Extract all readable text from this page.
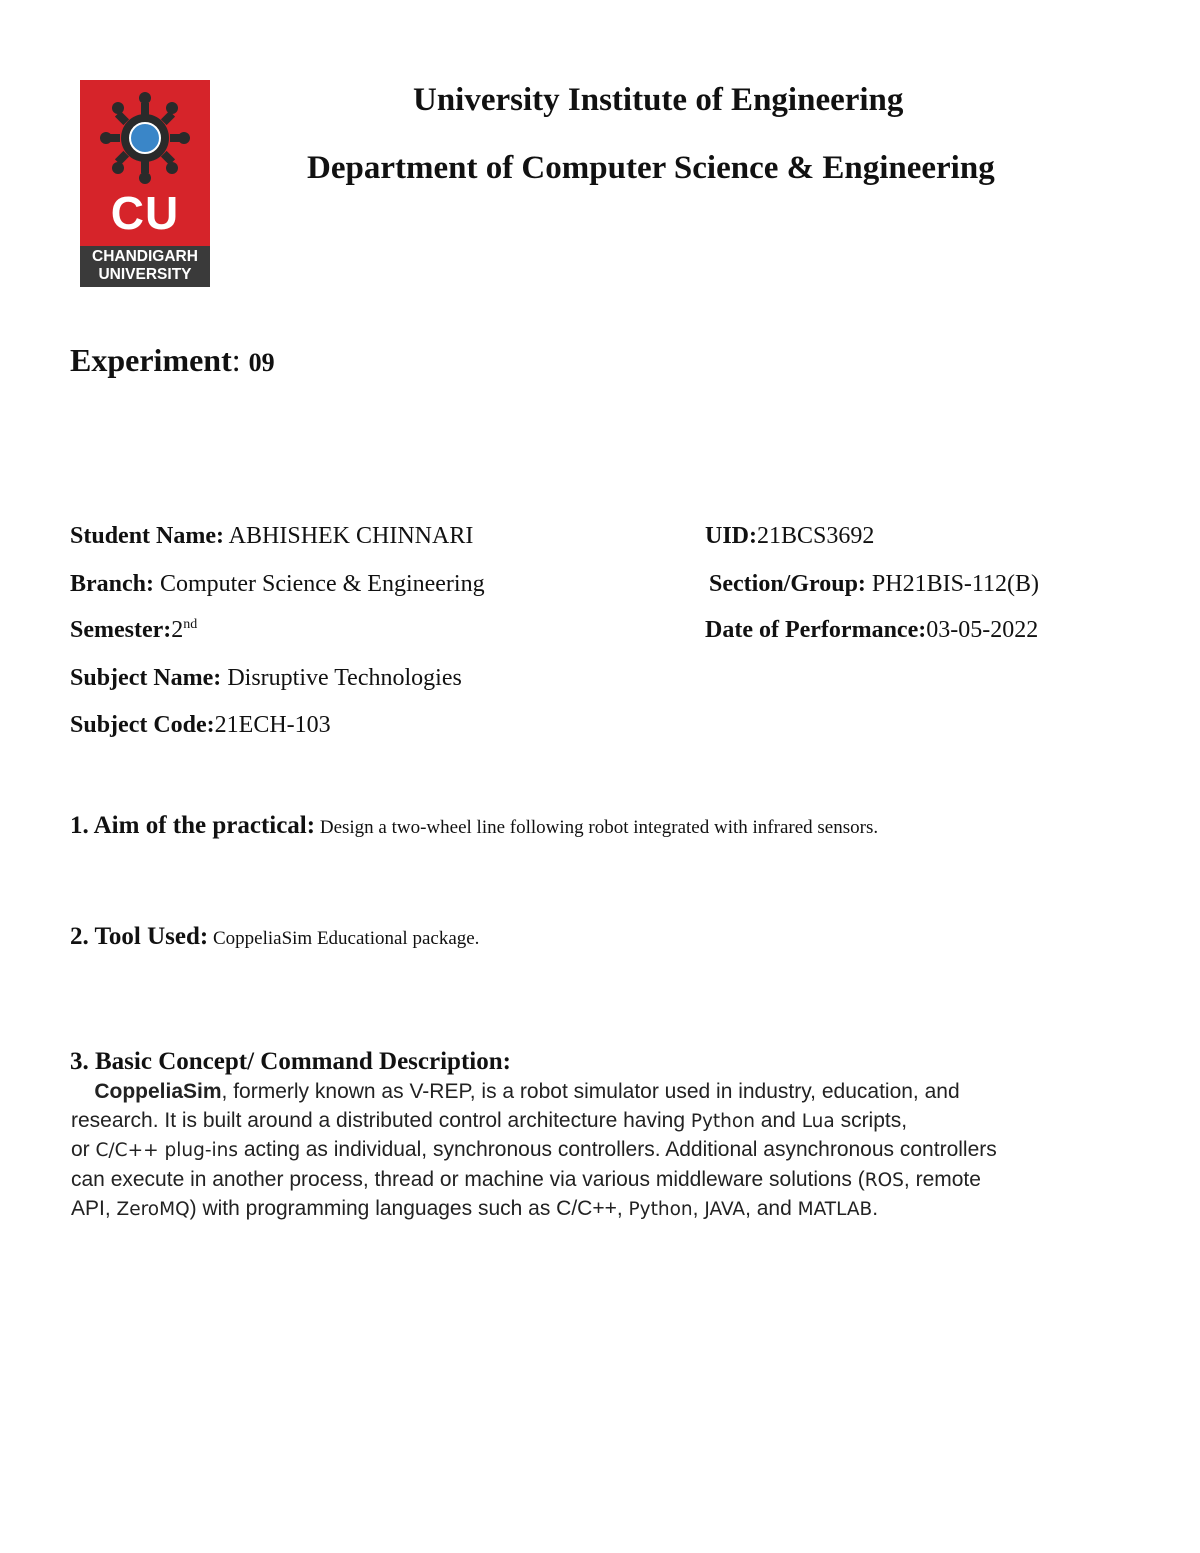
CU
CHANDIGARH
UNIVERSITY
University Institute of Engineering
Department of Computer Science & Engineering
Experiment: 09
Student Name: ABHISHEK CHINNARI
Branch: Computer Science & Engineering
Semester:2nd
Subject Name: Disruptive Technologies
Subject Code:21ECH-103
UID:21BCS3692
Section/Group: PH21BIS-112(B)
Date of Performance:03-05-2022
1. Aim of the practical: Design a two-wheel line following robot integrated with infrared sensors.
2. Tool Used: CoppeliaSim Educational package.
3. Basic Concept/ Command Description:
CoppeliaSim, formerly known as V-REP, is a robot simulator used in industry, education, and
research. It is built around a distributed control architecture having Python and Lua scripts,
or C/C++ plug-ins acting as individual, synchronous controllers. Additional asynchronous controllers
can execute in another process, thread or machine via various middleware solutions (ROS, remote
API, ZeroMQ) with programming languages such as C/C++, Python, JAVA, and MATLAB.
